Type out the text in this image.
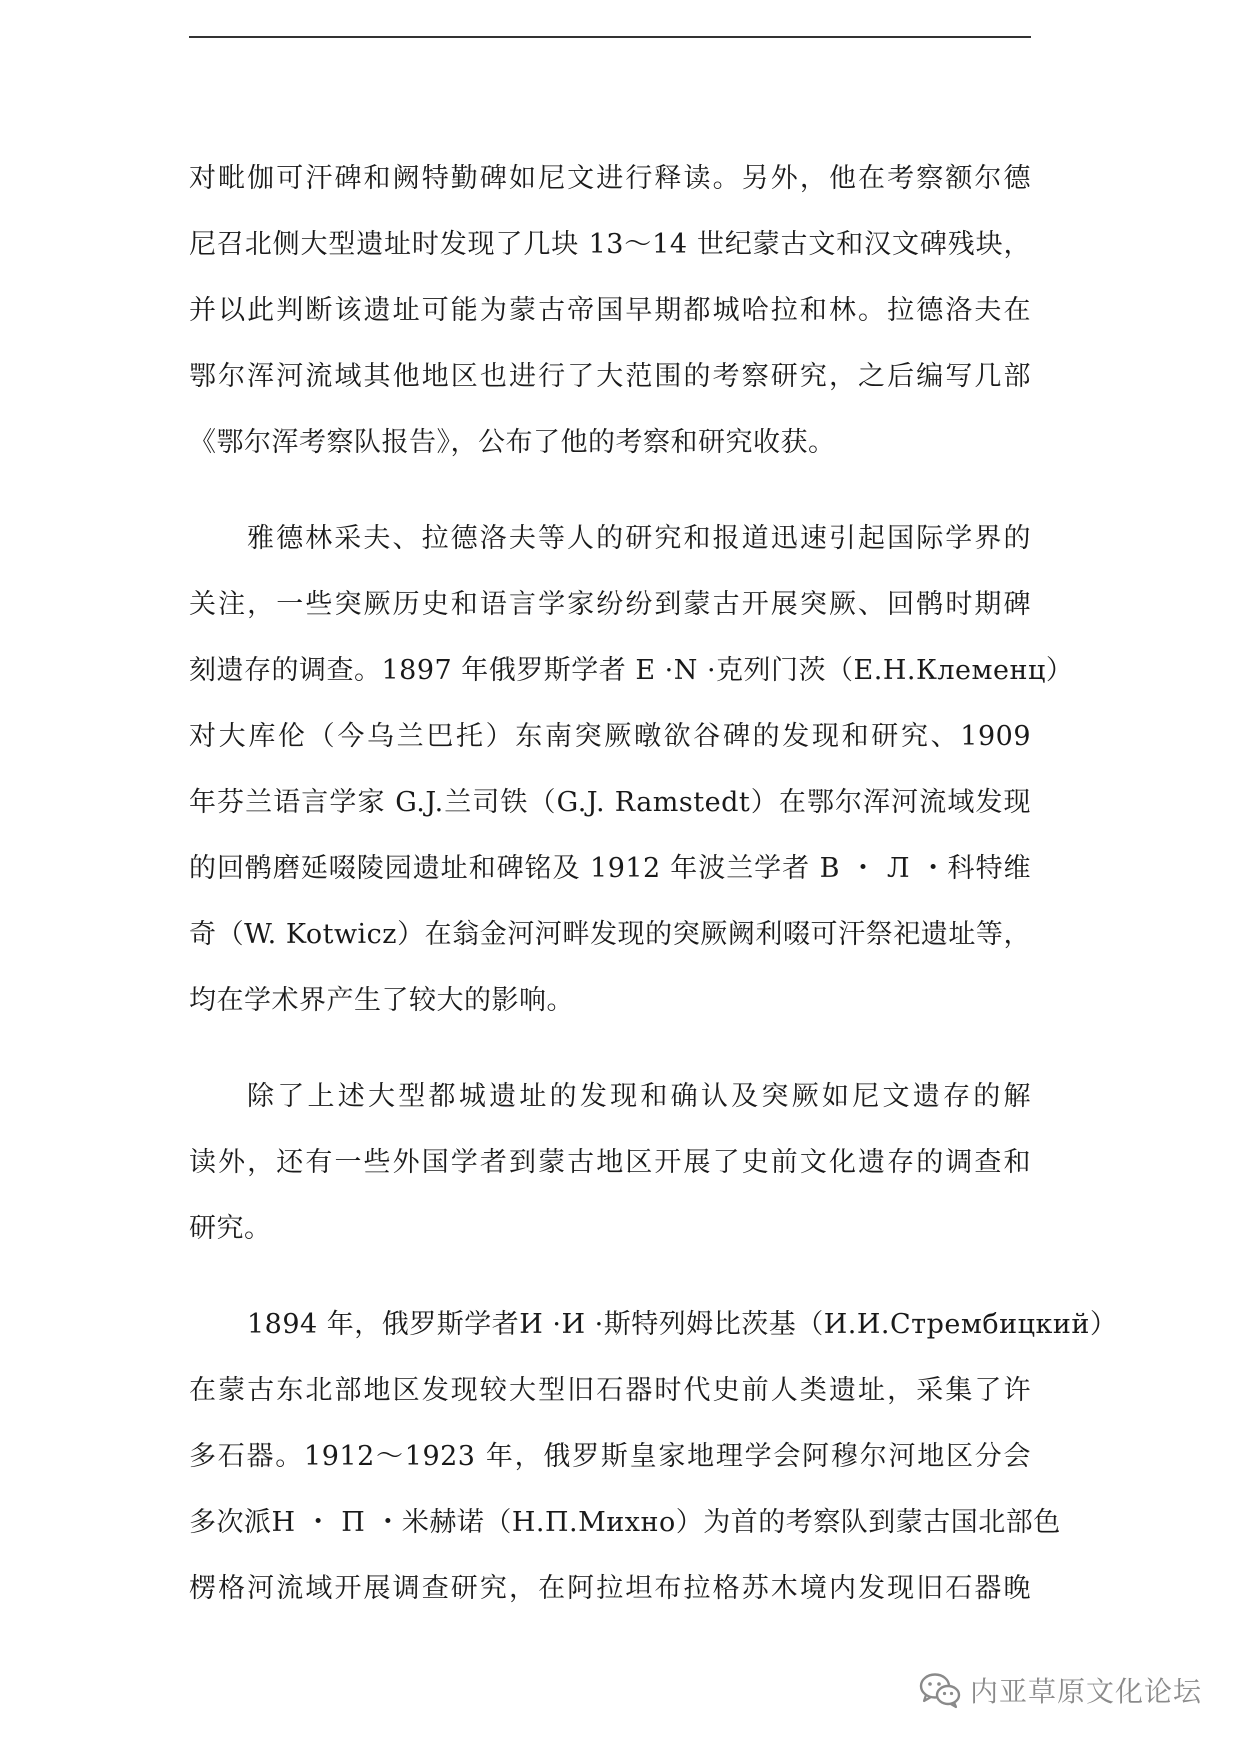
对毗伽可汗碑和阙特勤碑如尼文进行释读。另外，他在考察额尔德
尼召北侧大型遗址时发现了几块 13～14 世纪蒙古文和汉文碑残块，
并以此判断该遗址可能为蒙古帝国早期都城哈拉和林。拉德洛夫在
鄂尔浑河流域其他地区也进行了大范围的考察研究，之后编写几部
《鄂尔浑考察队报告》，公布了他的考察和研究收获。
雅德林采夫、拉德洛夫等人的研究和报道迅速引起国际学界的
关注，一些突厥历史和语言学家纷纷到蒙古开展突厥、回鹘时期碑
刻遗存的调查。1897 年俄罗斯学者 E ·N ·克列门茨（Е.Н.Клеменц）
对大库伦（今乌兰巴托）东南突厥暾欲谷碑的发现和研究、1909
年芬兰语言学家 G.J.兰司铁（G.J. Ramstedt）在鄂尔浑河流域发现
的回鹘磨延啜陵园遗址和碑铭及 1912 年波兰学者 B ・ Л ・科特维
奇（W. Kotwicz）在翁金河河畔发现的突厥阙利啜可汗祭祀遗址等，
均在学术界产生了较大的影响。
除了上述大型都城遗址的发现和确认及突厥如尼文遗存的解
读外，还有一些外国学者到蒙古地区开展了史前文化遗存的调查和
研究。
1894 年，俄罗斯学者И ·И ·斯特列姆比茨基（И.И.Стрембицкий）
在蒙古东北部地区发现较大型旧石器时代史前人类遗址，采集了许
多石器。1912～1923 年，俄罗斯皇家地理学会阿穆尔河地区分会
多次派Н ・ П ・米赫诺（Н.П.Михно）为首的考察队到蒙古国北部色
楞格河流域开展调查研究，在阿拉坦布拉格苏木境内发现旧石器晚
内亚草原文化论坛
